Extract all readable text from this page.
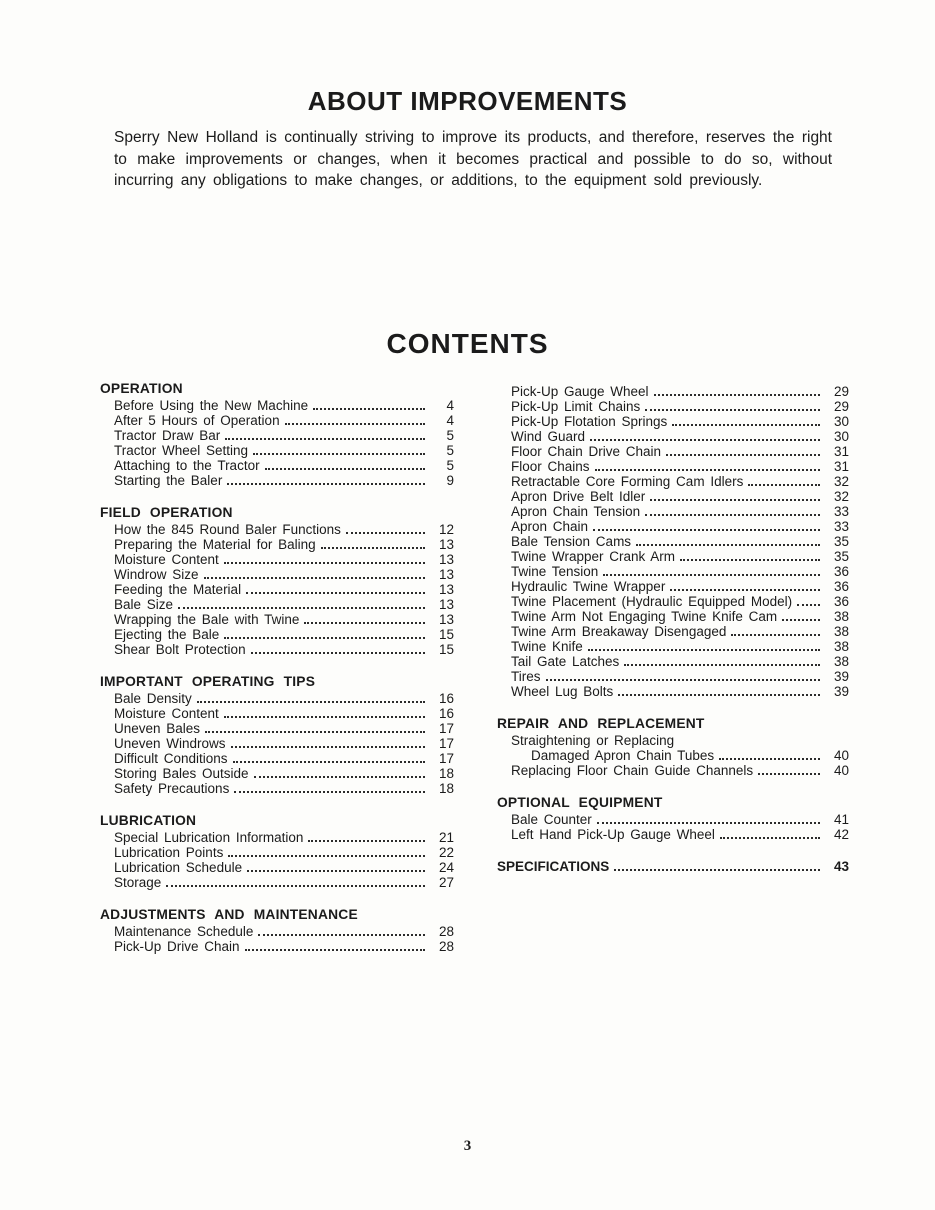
ABOUT IMPROVEMENTS

Sperry New Holland is continually striving to improve its products, and therefore, reserves the right to make improvements or changes, when it becomes practical and possible to do so, without incurring any obligations to make changes, or additions, to the equipment sold previously.

CONTENTS
OPERATION
Before Using the New Machine	4
After 5 Hours of Operation	4
Tractor Draw Bar	5
Tractor Wheel Setting	5
Attaching to the Tractor	5
Starting the Baler	9
FIELD OPERATION
How the 845 Round Baler Functions	12
Preparing the Material for Baling	13
Moisture Content	13
Windrow Size	13
Feeding the Material	13
Bale Size	13
Wrapping the Bale with Twine	13
Ejecting the Bale	15
Shear Bolt Protection	15
IMPORTANT OPERATING TIPS
Bale Density	16
Moisture Content	16
Uneven Bales	17
Uneven Windrows	17
Difficult Conditions	17
Storing Bales Outside	18
Safety Precautions	18
LUBRICATION
Special Lubrication Information	21
Lubrication Points	22
Lubrication Schedule	24
Storage	27
ADJUSTMENTS AND MAINTENANCE
Maintenance Schedule	28
Pick-Up Drive Chain	28
Pick-Up Gauge Wheel	29
Pick-Up Limit Chains	29
Pick-Up Flotation Springs	30
Wind Guard	30
Floor Chain Drive Chain	31
Floor Chains	31
Retractable Core Forming Cam Idlers	32
Apron Drive Belt Idler	32
Apron Chain Tension	33
Apron Chain	33
Bale Tension Cams	35
Twine Wrapper Crank Arm	35
Twine Tension	36
Hydraulic Twine Wrapper	36
Twine Placement (Hydraulic Equipped Model)	36
Twine Arm Not Engaging Twine Knife Cam	38
Twine Arm Breakaway Disengaged	38
Twine Knife	38
Tail Gate Latches	38
Tires	39
Wheel Lug Bolts	39
REPAIR AND REPLACEMENT
Straightening or Replacing
Damaged Apron Chain Tubes	40
Replacing Floor Chain Guide Channels	40
OPTIONAL EQUIPMENT
Bale Counter	41
Left Hand Pick-Up Gauge Wheel	42
SPECIFICATIONS	43
3
